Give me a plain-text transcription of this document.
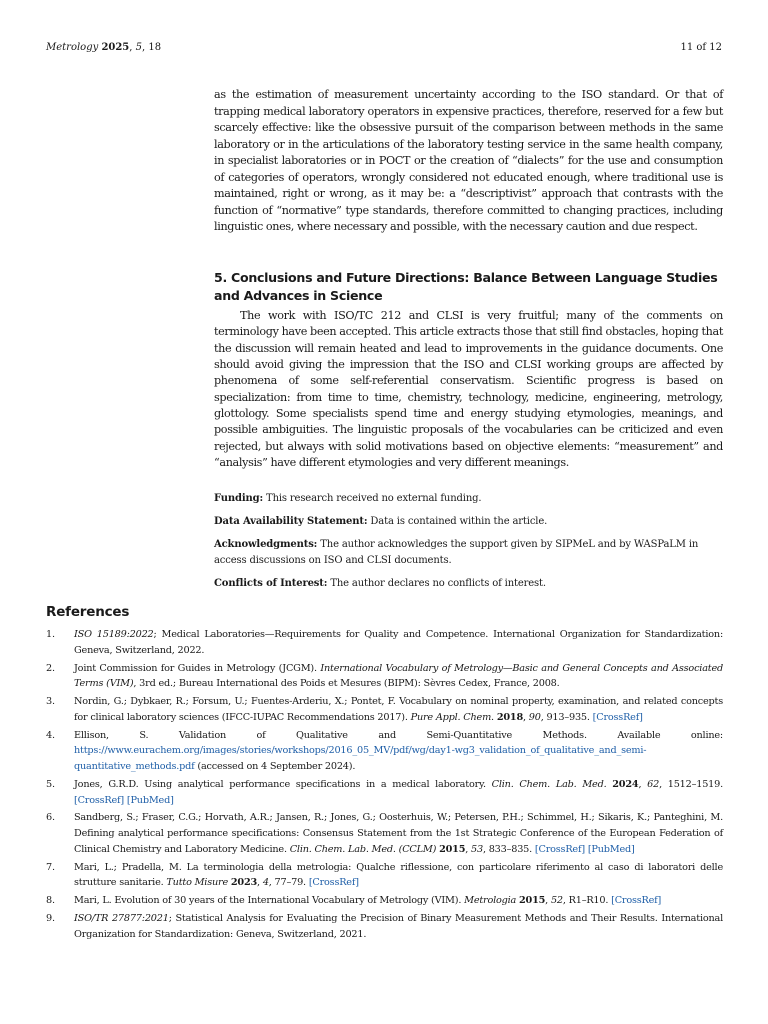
Metrology 2025, 5, 18	11 of 12

as the estimation of measurement uncertainty according to the ISO standard. Or that of trapping medical laboratory operators in expensive practices, therefore, reserved for a few but scarcely effective: like the obsessive pursuit of the comparison between methods in the same laboratory or in the articulations of the laboratory testing service in the same health company, in specialist laboratories or in POCT or the creation of “dialects” for the use and consumption of categories of operators, wrongly considered not educated enough, where traditional use is maintained, right or wrong, as it may be: a “descriptivist” approach that contrasts with the function of “normative” type standards, therefore committed to changing practices, including linguistic ones, where necessary and possible, with the necessary caution and due respect.

5. Conclusions and Future Directions: Balance Between Language Studies and Advances in Science

The work with ISO/TC 212 and CLSI is very fruitful; many of the comments on terminology have been accepted. This article extracts those that still find obstacles, hoping that the discussion will remain heated and lead to improvements in the guidance documents. One should avoid giving the impression that the ISO and CLSI working groups are affected by phenomena of some self-referential conservatism. Scientific progress is based on specialization: from time to time, chemistry, technology, medicine, engineering, metrology, glottology. Some specialists spend time and energy studying etymologies, meanings, and possible ambiguities. The linguistic proposals of the vocabularies can be criticized and even rejected, but always with solid motivations based on objective elements: “measurement” and “analysis” have different etymologies and very different meanings.

Funding: This research received no external funding.
Data Availability Statement: Data is contained within the article.
Acknowledgments: The author acknowledges the support given by SIPMeL and by WASPaLM in access discussions on ISO and CLSI documents.
Conflicts of Interest: The author declares no conflicts of interest.
References
1. ISO 15189:2022; Medical Laboratories—Requirements for Quality and Competence. International Organization for Standardization: Geneva, Switzerland, 2022.
2. Joint Commission for Guides in Metrology (JCGM). International Vocabulary of Metrology—Basic and General Concepts and Associated Terms (VIM), 3rd ed.; Bureau International des Poids et Mesures (BIPM): Sèvres Cedex, France, 2008.
3. Nordin, G.; Dybkaer, R.; Forsum, U.; Fuentes-Arderiu, X.; Pontet, F. Vocabulary on nominal property, examination, and related concepts for clinical laboratory sciences (IFCC-IUPAC Recommendations 2017). Pure Appl. Chem. 2018, 90, 913–935. [CrossRef]
4. Ellison, S. Validation of Qualitative and Semi-Quantitative Methods. Available online: https://www.eurachem.org/images/stories/workshops/2016_05_MV/pdf/wg/day1-wg3_validation_of_qualitative_and_semi-quantitative_methods.pdf (accessed on 4 September 2024).
5. Jones, G.R.D. Using analytical performance specifications in a medical laboratory. Clin. Chem. Lab. Med. 2024, 62, 1512–1519. [CrossRef] [PubMed]
6. Sandberg, S.; Fraser, C.G.; Horvath, A.R.; Jansen, R.; Jones, G.; Oosterhuis, W.; Petersen, P.H.; Schimmel, H.; Sikaris, K.; Panteghini, M. Defining analytical performance specifications: Consensus Statement from the 1st Strategic Conference of the European Federation of Clinical Chemistry and Laboratory Medicine. Clin. Chem. Lab. Med. (CCLM) 2015, 53, 833–835. [CrossRef] [PubMed]
7. Mari, L.; Pradella, M. La terminologia della metrologia: Qualche riflessione, con particolare riferimento al caso di laboratori delle strutture sanitarie. Tutto Misure 2023, 4, 77–79. [CrossRef]
8. Mari, L. Evolution of 30 years of the International Vocabulary of Metrology (VIM). Metrologia 2015, 52, R1–R10. [CrossRef]
9. ISO/TR 27877:2021; Statistical Analysis for Evaluating the Precision of Binary Measurement Methods and Their Results. International Organization for Standardization: Geneva, Switzerland, 2021.
